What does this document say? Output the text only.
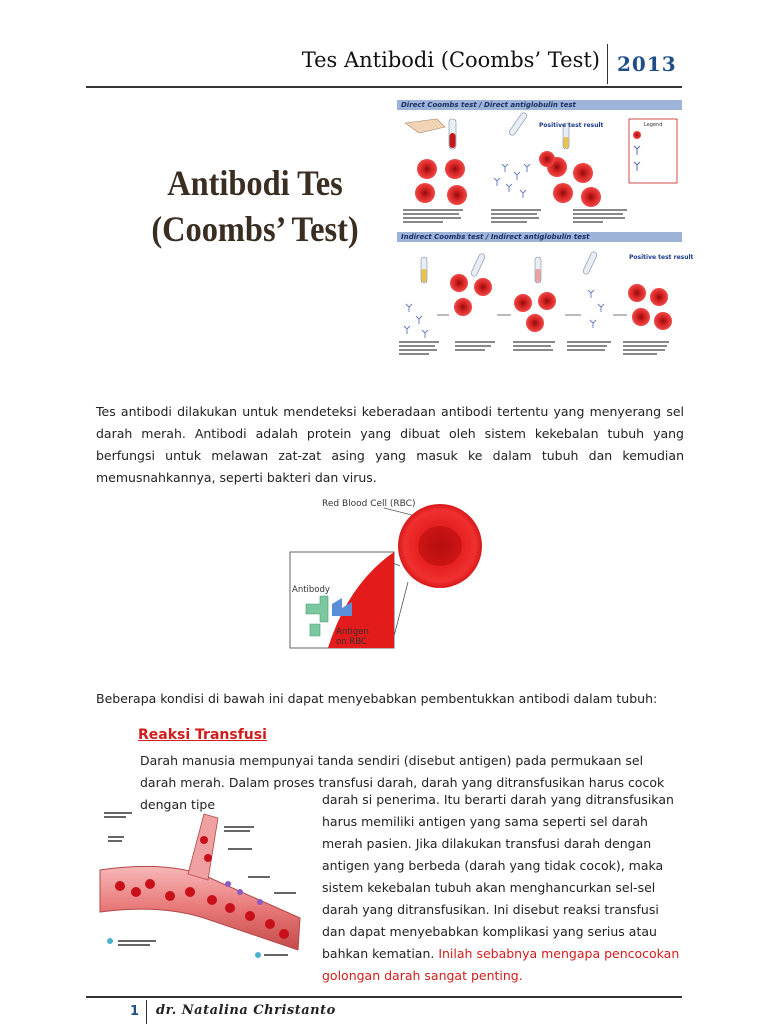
Tes Antibodi (Coombs’ Test) 2013
Antibodi Tes
(Coombs’ Test)
Direct Coombs test / Direct antiglobulin test
Indirect Coombs test / Indirect antiglobulin test
Positive test result	Legend
Positive test result
Tes antibodi dilakukan untuk mendeteksi keberadaan antibodi tertentu yang menyerang sel darah merah. Antibodi adalah protein yang dibuat oleh sistem kekebalan tubuh yang berfungsi untuk melawan zat-zat asing yang masuk ke dalam tubuh dan kemudian memusnahkannya, seperti bakteri dan virus.
Red Blood Cell (RBC)
Antibody
Antigen
on RBC
Beberapa kondisi di bawah ini dapat menyebabkan pembentukkan antibodi dalam tubuh:
Reaksi Transfusi
Darah manusia mempunyai tanda sendiri (disebut antigen) pada permukaan sel darah merah. Dalam proses transfusi darah, darah yang ditransfusikan harus cocok dengan tipe	darah si penerima. Itu berarti darah yang ditransfusikan harus memiliki antigen yang sama seperti sel darah merah pasien. Jika dilakukan transfusi darah dengan antigen yang berbeda (darah yang tidak cocok), maka sistem kekebalan tubuh akan menghancurkan sel-sel darah yang ditransfusikan. Ini disebut reaksi transfusi dan dapat menyebabkan komplikasi yang serius atau bahkan kematian. Inilah sebabnya mengapa pencocokan golongan darah sangat penting.
1 dr. Natalina Christanto
